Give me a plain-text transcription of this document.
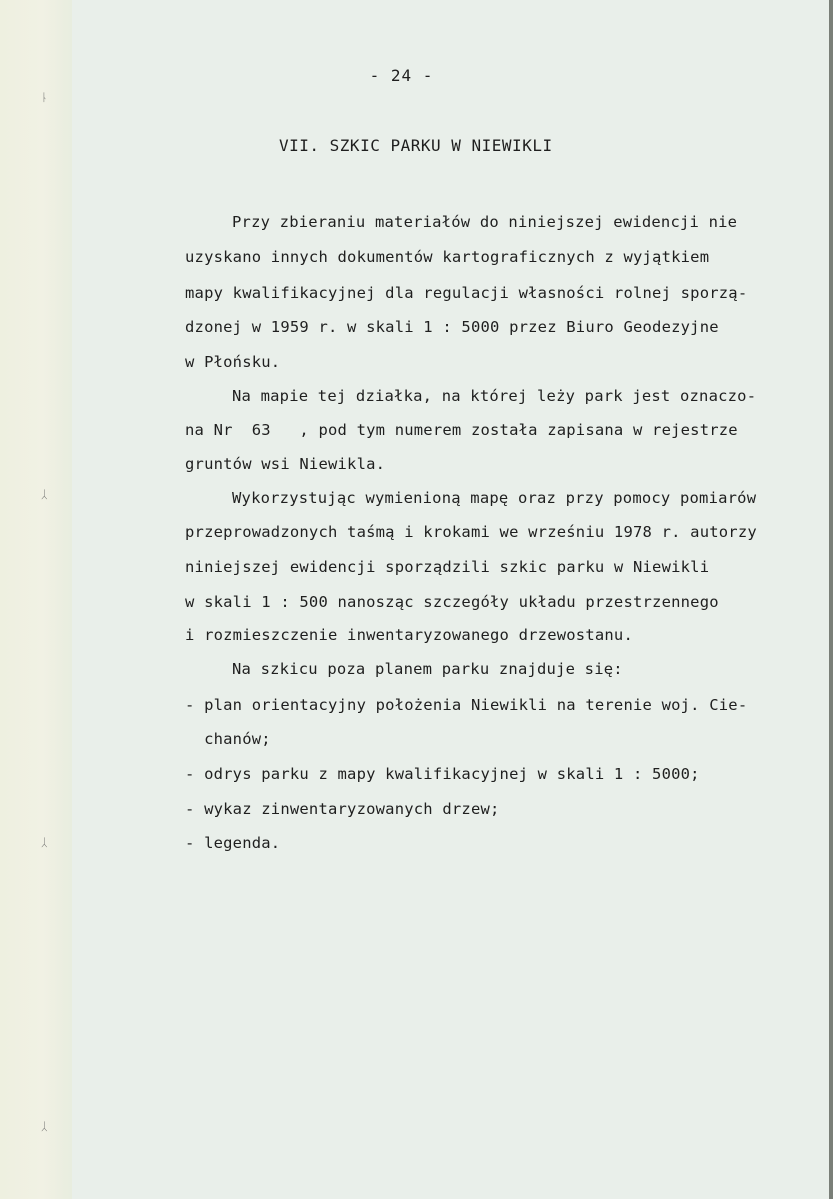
ᚿ
ᛸ
ᛸ
ᛸ
- 24 -
VII. SZKIC PARKU W NIEWIKLI
Przy zbieraniu materiałów do niniejszej ewidencji nie
uzyskano innych dokumentów kartograficznych z wyjątkiem
mapy kwalifikacyjnej dla regulacji własności rolnej sporzą-
dzonej w 1959 r. w skali 1 : 5000 przez Biuro Geodezyjne
w Płońsku.
Na mapie tej działka, na której leży park jest oznaczo-
na Nr  63   , pod tym numerem została zapisana w rejestrze
gruntów wsi Niewikla.
Wykorzystując wymienioną mapę oraz przy pomocy pomiarów
przeprowadzonych taśmą i krokami we wrześniu 1978 r. autorzy
niniejszej ewidencji sporządzili szkic parku w Niewikli
w skali 1 : 500 nanosząc szczegóły układu przestrzennego
i rozmieszczenie inwentaryzowanego drzewostanu.
Na szkicu poza planem parku znajduje się:
- plan orientacyjny położenia Niewikli na terenie woj. Cie-
chanów;
- odrys parku z mapy kwalifikacyjnej w skali 1 : 5000;
- wykaz zinwentaryzowanych drzew;
- legenda.
